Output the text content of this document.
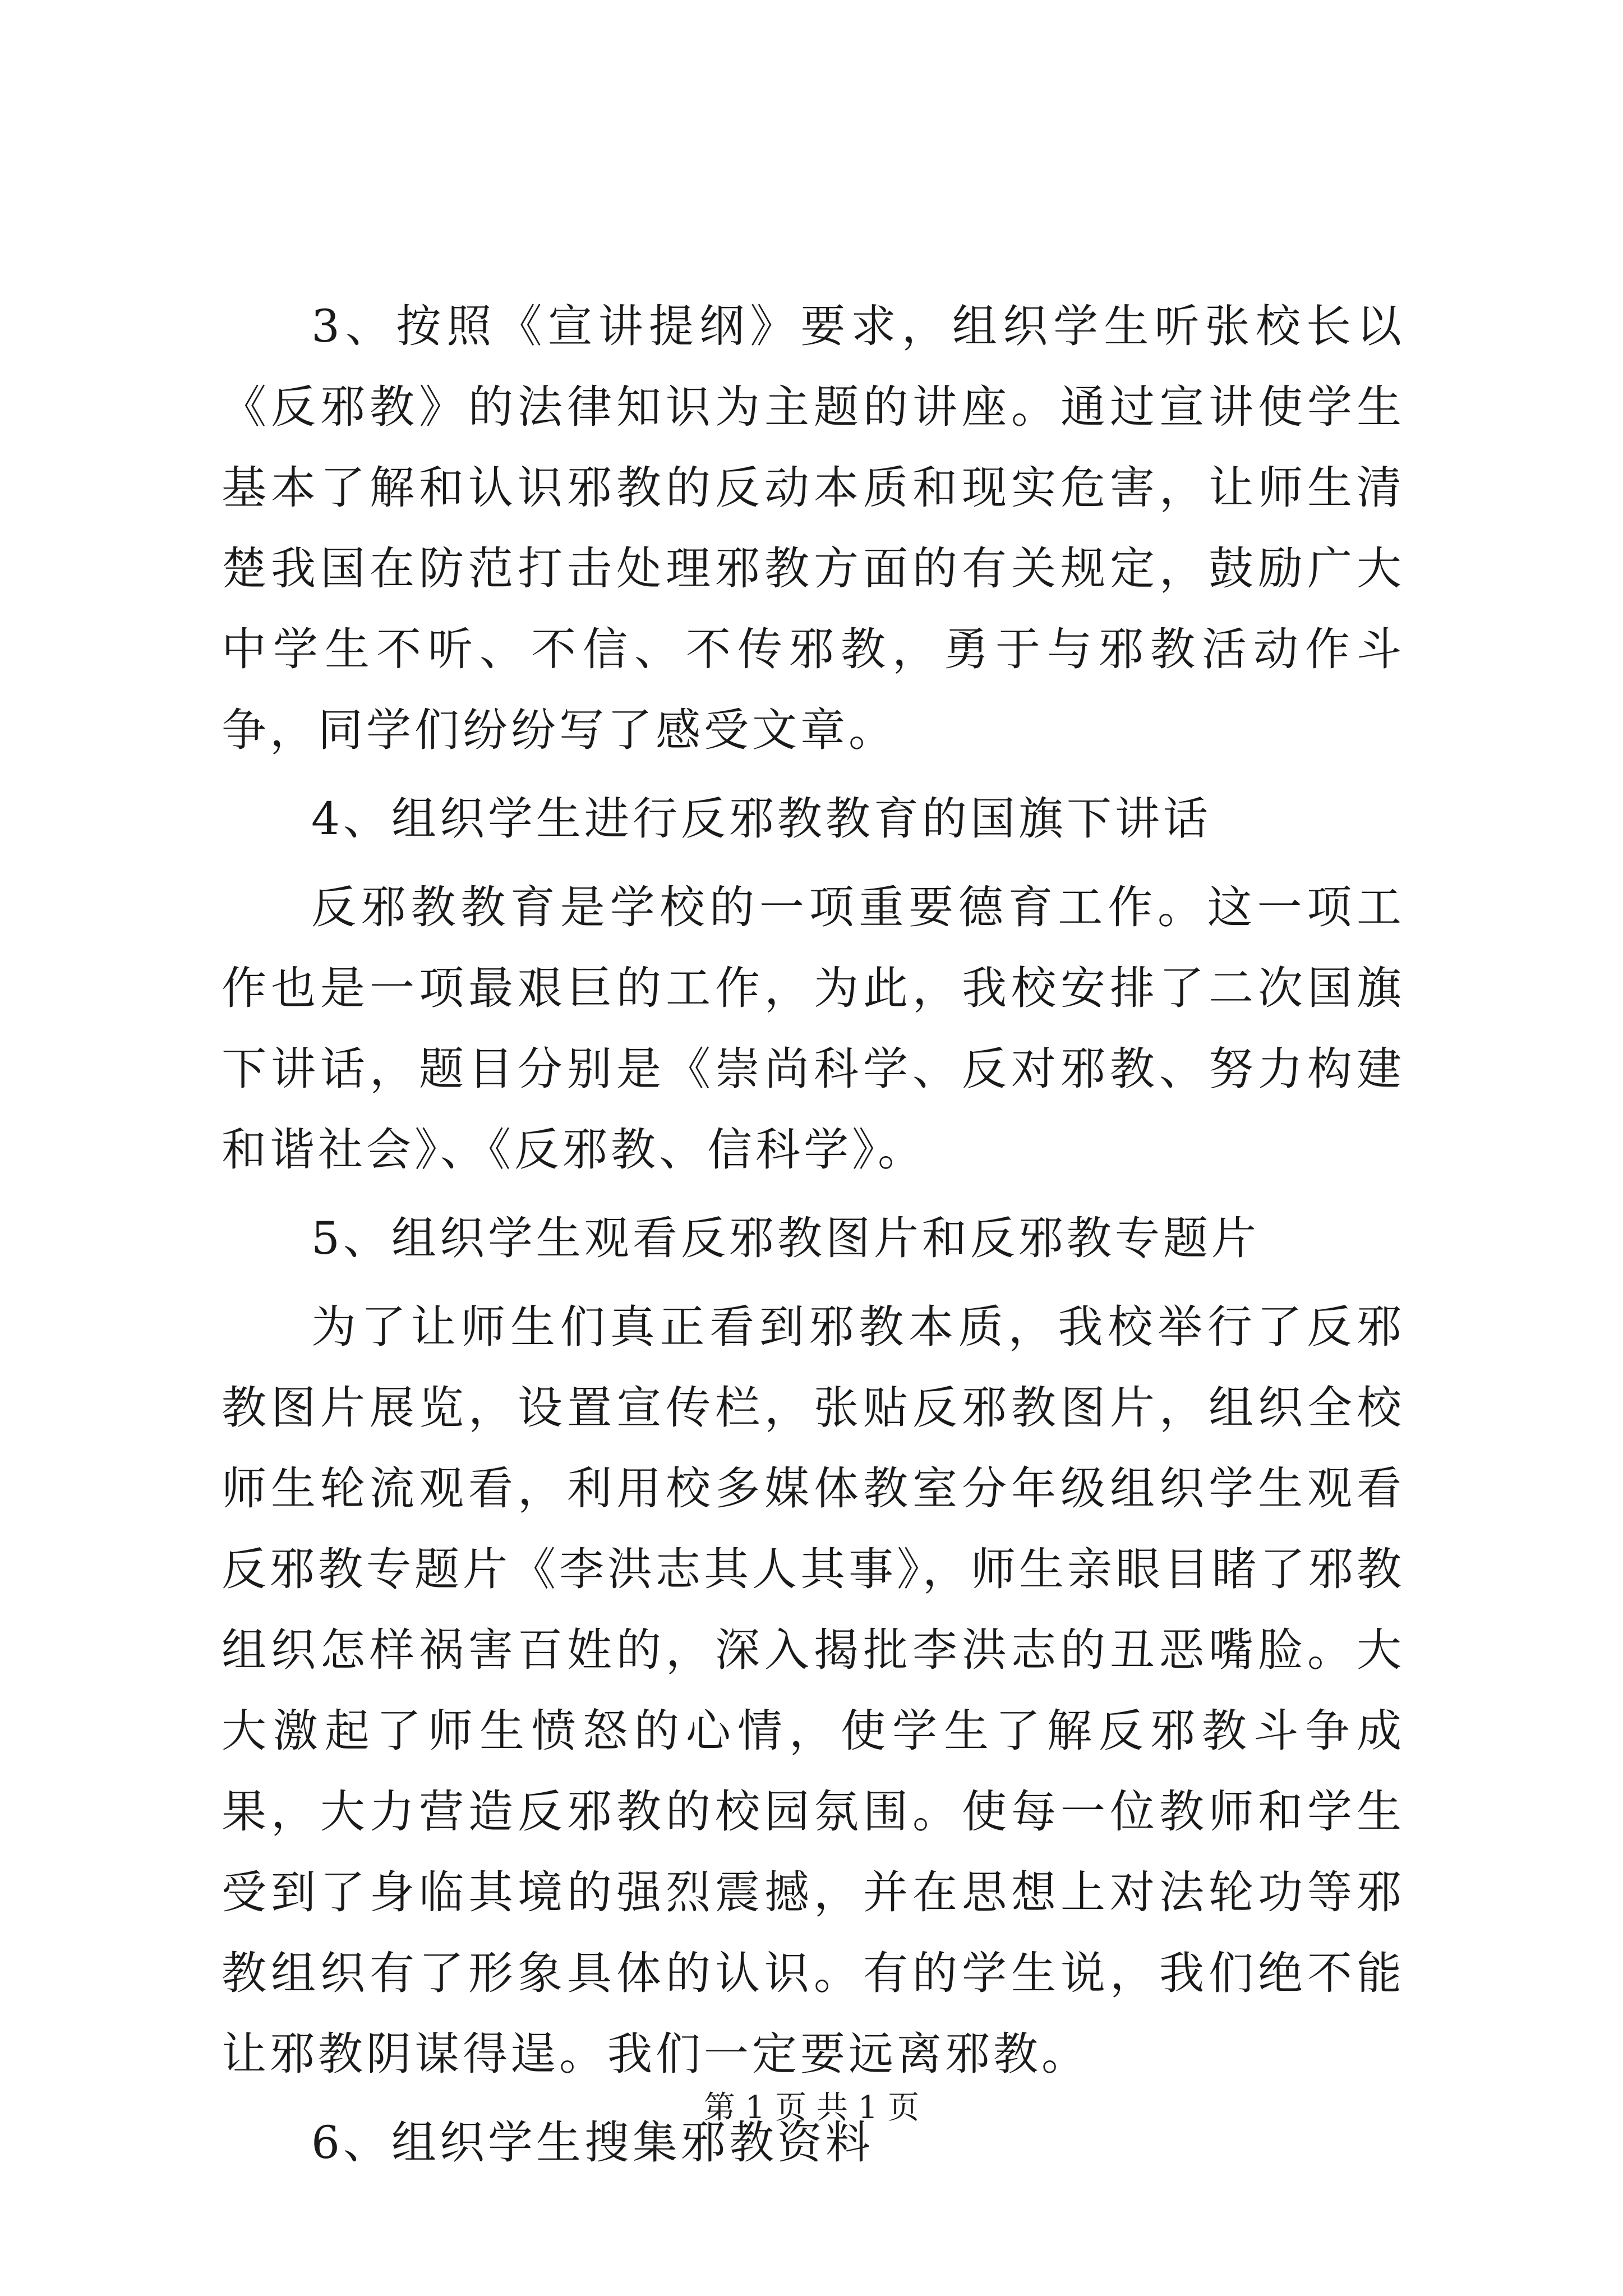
3、按照《宣讲提纲》要求，组织学生听张校长以《反邪教》的法律知识为主题的讲座。通过宣讲使学生基本了解和认识邪教的反动本质和现实危害，让师生清楚我国在防范打击处理邪教方面的有关规定，鼓励广大中学生不听、不信、不传邪教，勇于与邪教活动作斗争，同学们纷纷写了感受文章。

4、组织学生进行反邪教教育的国旗下讲话

反邪教教育是学校的一项重要德育工作。这一项工作也是一项最艰巨的工作，为此，我校安排了二次国旗下讲话，题目分别是《崇尚科学、反对邪教、努力构建和谐社会》、《反邪教、信科学》。

5、组织学生观看反邪教图片和反邪教专题片

为了让师生们真正看到邪教本质，我校举行了反邪教图片展览，设置宣传栏，张贴反邪教图片，组织全校师生轮流观看，利用校多媒体教室分年级组织学生观看反邪教专题片《李洪志其人其事》，师生亲眼目睹了邪教组织怎样祸害百姓的，深入揭批李洪志的丑恶嘴脸。大大激起了师生愤怒的心情，使学生了解反邪教斗争成果，大力营造反邪教的校园氛围。使每一位教师和学生受到了身临其境的强烈震撼，并在思想上对法轮功等邪教组织有了形象具体的认识。有的学生说，我们绝不能让邪教阴谋得逞。我们一定要远离邪教。

6、组织学生搜集邪教资料

第 1 页 共 1 页
